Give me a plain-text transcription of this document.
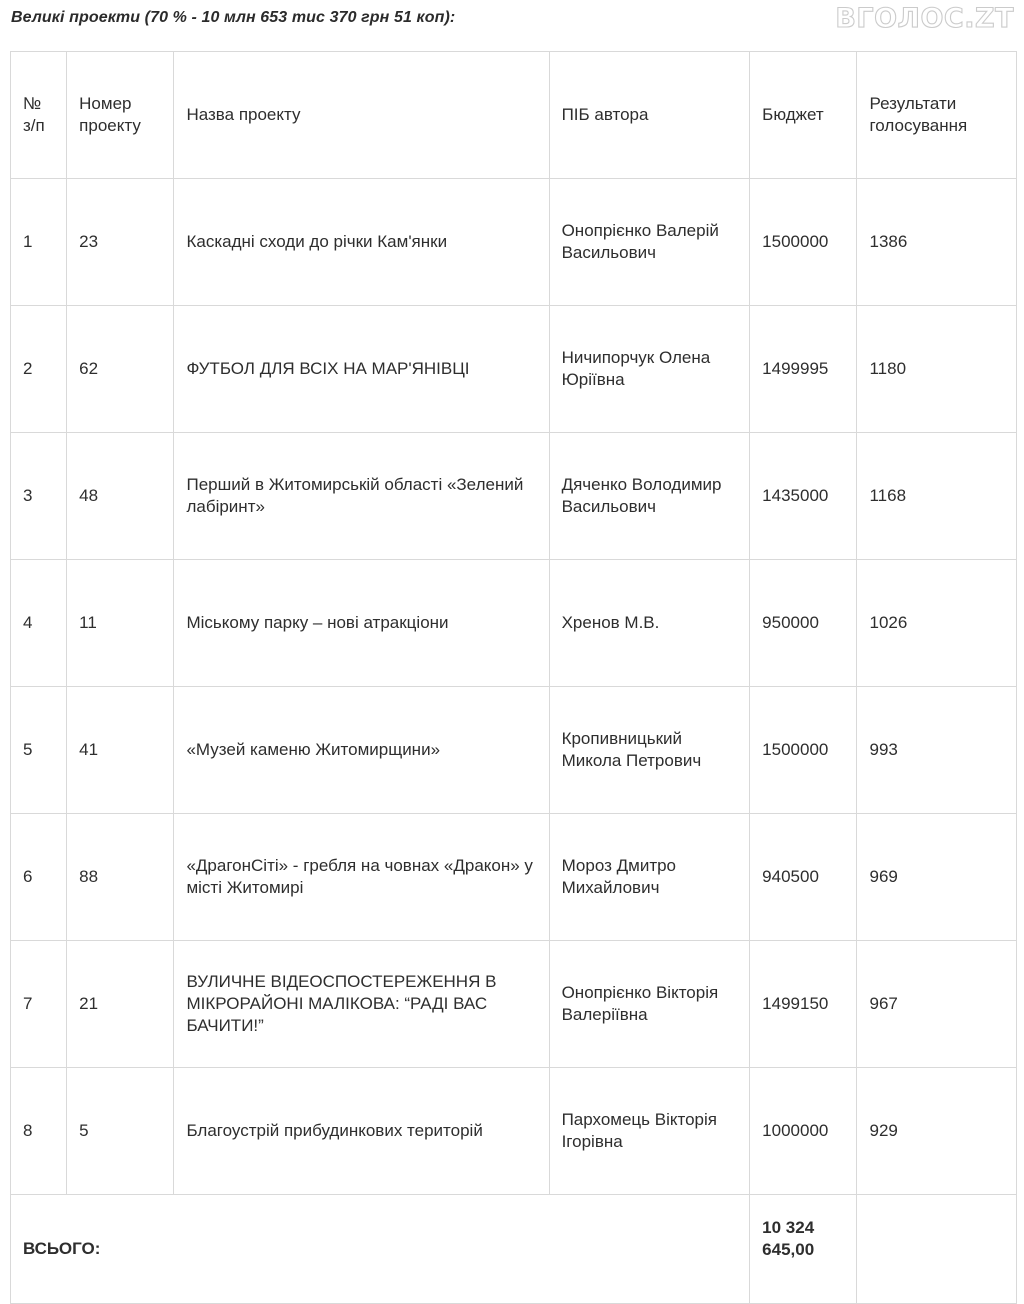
Великі проекти (70 % - 10 млн 653 тис 370 грн 51 коп):	ВГОЛОС.ZT
№ з/п	Номер проекту	Назва проекту	ПІБ автора	Бюджет	Результати голосування
1	23	Каскадні сходи до річки Кам'янки	Онопрієнко Валерій Васильович	1500000	1386
2	62	ФУТБОЛ ДЛЯ ВСІХ НА МАР'ЯНІВЦІ	Ничипорчук Олена Юріївна	1499995	1180
3	48	Перший в Житомирській області «Зелений лабіринт»	Дяченко Володимир Васильович	1435000	1168
4	11	Міському парку – нові атракціони	Хренов М.В.	950000	1026
5	41	«Музей каменю Житомирщини»	Кропивницький Микола Петрович	1500000	993
6	88	«ДрагонСіті» - гребля на човнах «Дракон» у місті Житомирі	Мороз Дмитро Михайлович	940500	969
7	21	ВУЛИЧНЕ ВІДЕОСПОСТЕРЕЖЕННЯ В МІКРОРАЙОНІ МАЛІКОВА: “РАДІ ВАС БАЧИТИ!”	Онопрієнко Вікторія Валеріївна	1499150	967
8	5	Благоустрій прибудинкових територій	Пархомець Вікторія Ігорівна	1000000	929
ВСЬОГО:				10 324 645,00	
